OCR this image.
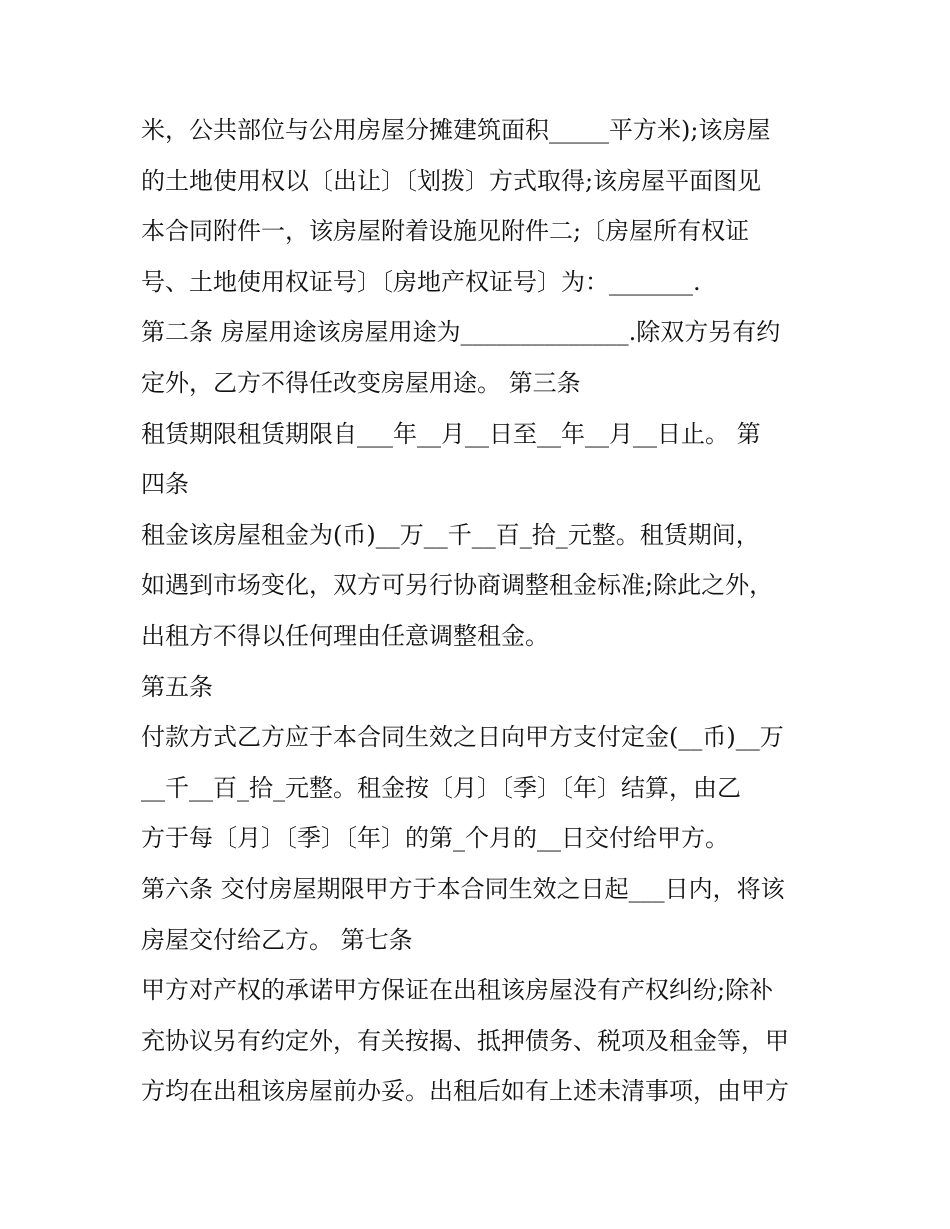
米，公共部位与公用房屋分摊建筑面积_____平方米);该房屋
的土地使用权以〔出让〕〔划拨〕方式取得;该房屋平面图见
本合同附件一，该房屋附着设施见附件二;〔房屋所有权证
号、土地使用权证号〕〔房地产权证号〕为：_______.
第二条 房屋用途该房屋用途为______________.除双方另有约
定外，乙方不得任改变房屋用途。 第三条
租赁期限租赁期限自___年__月__日至__年__月__日止。 第
四条
租金该房屋租金为(币)__万__千__百_拾_元整。租赁期间，
如遇到市场变化，双方可另行协商调整租金标准;除此之外，
出租方不得以任何理由任意调整租金。
第五条
付款方式乙方应于本合同生效之日向甲方支付定金(__币)__万
__千__百_拾_元整。租金按〔月〕〔季〕〔年〕结算，由乙
方于每〔月〕〔季〕〔年〕的第_个月的__日交付给甲方。
第六条 交付房屋期限甲方于本合同生效之日起___日内，将该
房屋交付给乙方。 第七条
甲方对产权的承诺甲方保证在出租该房屋没有产权纠纷;除补
充协议另有约定外，有关按揭、抵押债务、税项及租金等，甲
方均在出租该房屋前办妥。出租后如有上述未清事项，由甲方
